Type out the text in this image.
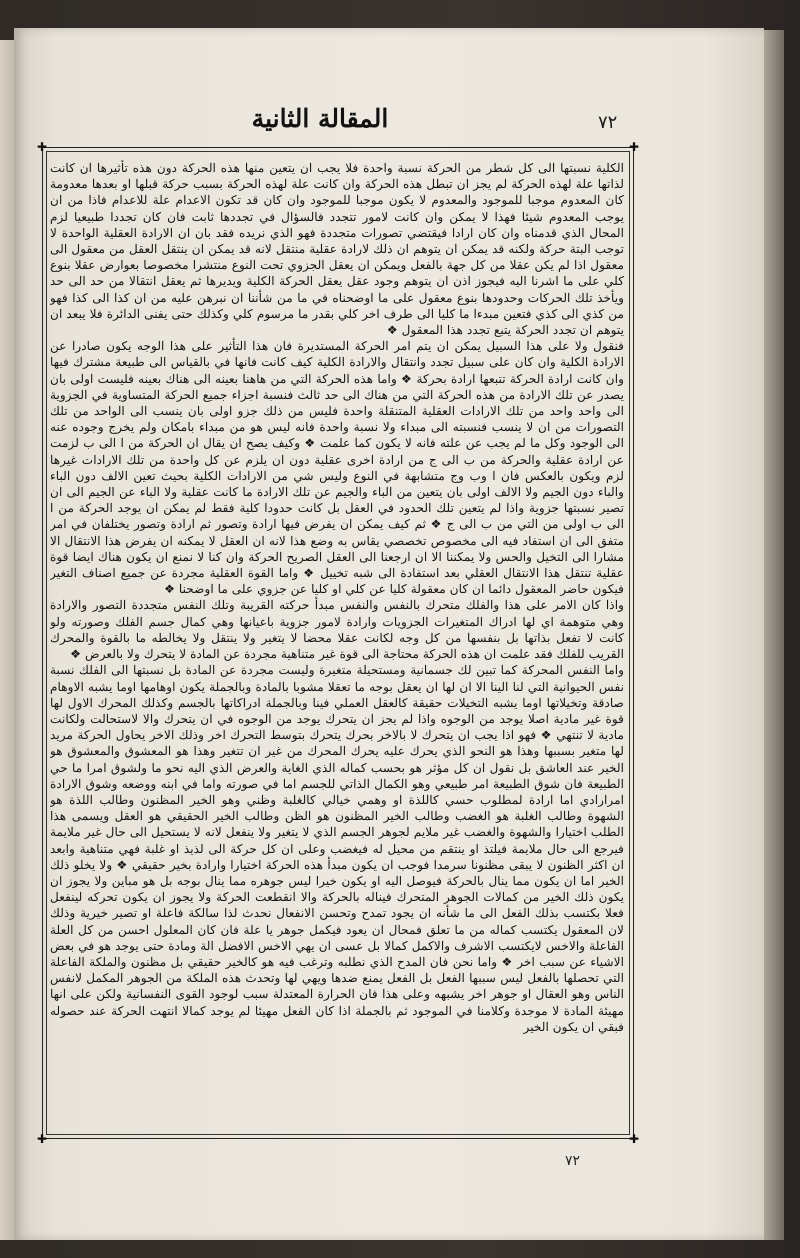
٧٢
المقالة الثانية
✚	✚
✚	✚

الكلية نسبتها الى كل شطر من الحركة نسبة واحدة فلا يجب ان يتعين منها هذه الحركة دون هذه تأثيرها ان كانت لذاتها علة لهذه الحركة لم يجز ان تبطل هذه الحركة وان كانت علة لهذه الحركة بسبب حركة قبلها او بعدها معدومة كان المعدوم موجبا للموجود والمعدوم لا يكون موجبا للموجود وان كان قد تكون الاعدام علة للاعدام فاذا من ان يوجب المعدوم شيئا فهذا لا يمكن وان كانت لامور تتجدد فالسؤال في تجددها ثابت فان كان تجددا طبيعيا لزم المحال الذي قدمناه وان كان ارادا فيقتضي تصورات متجددة فهو الذي نريده فقد بان ان الارادة العقلية الواحدة لا توجب البتة حركة ولكنه قد يمكن ان يتوهم ان ذلك لارادة عقلية منتقل لانه قد يمكن ان ينتقل العقل من معقول الى معقول اذا لم يكن عقلا من كل جهة بالفعل ويمكن ان يعقل الجزوي تحت النوع منتشرا مخصوصا بعوارض عقلا بنوع كلي على ما اشرنا اليه فيجوز اذن ان يتوهم وجود عقل يعقل الحركة الكلية ويديرها ثم يعقل انتقالا من حد الى حد ويأخذ تلك الحركات وحدودها بنوع معقول على ما اوضحناه في ما من شأننا ان نبرهن عليه من ان كذا الى كذا فهو من كذي الى كذي فتعين مبدءا ما كليا الى طرف اخر كلي بقدر ما مرسوم كلي وكذلك حتى يفنى الدائرة فلا يبعد ان يتوهم ان تجدد الحركة يتبع تجدد هذا المعقول ❖

فنقول ولا على هذا السبيل يمكن ان يتم امر الحركة المستديرة فان هذا التأثير على هذا الوجه يكون صادرا عن الارادة الكلية وان كان على سبيل تجدد وانتقال والارادة الكلية كيف كانت فانها في بالقياس الى طبيعة مشترك فيها وان كانت ارادة الحركة تتبعها ارادة بحركة ❖ واما هذه الحركة التي من هاهنا بعينه الى هناك بعينه فليست اولى بان يصدر عن تلك الارادة من هذه الحركة التي من هناك الى حد ثالث فنسبة اجزاء جميع الحركة المتساوية في الجزوية الى واحد واحد من تلك الارادات العقلية المتنقلة واحدة فليس من ذلك جزو اولى بان ينسب الى الواحد من تلك التصورات من ان لا ينسب فنسبته الى مبداء ولا نسبة واحدة فانه ليس هو من مبداء بامكان ولم يخرج وجوده عنه الى الوجود وكل ما لم يجب عن علته فانه لا يكون كما علمت ❖ وكيف يصح ان يقال ان الحركة من ا الى ب لزمت عن ارادة عقلية والحركة من ب الى ج من ارادة اخرى عقلية دون ان يلزم عن كل واحدة من تلك الارادات غيرها لزم ويكون بالعكس فان ا وب وج متشابهة في النوع وليس شي من الارادات الكلية بحيث تعين الالف دون الباء والباء دون الجيم ولا الالف اولى بان يتعين من الباء والجيم عن تلك الارادة ما كانت عقلية ولا الباء عن الجيم الى ان تصير نسبتها جزوية واذا لم يتعين تلك الحدود في العقل بل كانت حدودا كلية فقط لم يمكن ان يوجد الحركة من ا الى ب اولى من التي من ب الى ج ❖ ثم كيف يمكن ان يفرض فيها ارادة وتصور ثم ارادة وتصور يختلفان في امر متفق الى ان استفاد فيه الى مخصوص تخصصي يقاس به وضع هذا لانه ان العقل لا يمكنه ان يفرض هذا الانتقال الا مشارا الى التخيل والحس ولا يمكننا الا ان ارجعنا الى العقل الصريح الحركة وان كنا لا نمنع ان يكون هناك ايضا قوة عقلية تنتقل هذا الانتقال العقلي بعد استفادة الى شبه تخييل ❖ واما القوة العقلية مجردة عن جميع اصناف التغير فيكون حاضر المعقول دائما ان كان معقولة كليا عن كلي او كليا عن جزوي على ما اوضحنا ❖

واذا كان الامر على هذا والفلك متحرك بالنفس والنفس مبدأ حركته القريبة وتلك النفس متجددة التصور والارادة وهي متوهمة اي لها ادراك المتغيرات الجزويات وارادة لامور جزوية باعيانها وهي كمال جسم الفلك وصورته ولو كانت لا تفعل بذاتها بل بنفسها من كل وجه لكانت عقلا محضا لا يتغير ولا ينتقل ولا يخالطه ما بالقوة والمحرك القريب للفلك فقد علمت ان هذه الحركة محتاجة الى قوة غير متناهية مجردة عن المادة لا يتحرك ولا بالعرض ❖

واما النفس المحركة كما تبين لك جسمانية ومستحيلة متغيرة وليست مجردة عن المادة بل نسبتها الى الفلك نسبة نفس الحيوانية التي لنا الينا الا ان لها ان يعقل بوجه ما تعقلا مشوبا بالمادة وبالجملة يكون اوهامها اوما يشبه الاوهام صادقة وتخيلاتها اوما يشبه التخيلات حقيقة كالعقل العملي فينا وبالجملة ادراكاتها بالجسم وكذلك المحرك الاول لها قوة غير مادية اصلا يوجد من الوجوه واذا لم يجز ان يتحرك يوجد من الوجوه في ان يتحرك والا لاستحالت ولكانت مادية لا تنتهي ❖ فهو اذا يجب ان يتحرك لا بالاخر بحرك يتحرك بتوسط التحرك اخر وذلك الاخر يحاول الحركة مريد لها متغير بسببها وهذا هو النحو الذي يحرك عليه يحرك المحرك من غير ان تتغير وهذا هو المعشوق والمعشوق هو الخير عند العاشق بل نقول ان كل مؤثر هو بحسب كماله الذي الغاية والعرض الذي اليه نحو ما ولشوق امرا ما حي الطبيعة فان شوق الطبيعة امر طبيعي وهو الكمال الذاتي للجسم اما في صورته واما في ابنه ووضعه وشوق الارادة امرارادي اما ارادة لمطلوب حسي كاللذة او وهمي خيالي كالغلبة وظني وهو الخير المظنون وطالب اللذة هو الشهوة وطالب الغلبة هو الغضب وطالب الخير المظنون هو الظن وطالب الخير الحقيقي هو العقل ويسمى هذا الطلب اختيارا والشهوة والغضب غير ملايم لجوهر الجسم الذي لا يتغير ولا ينفعل لانه لا يستحيل الى حال غير ملايمة فيرجع الى حال ملايمة فيلتذ او ينتقم من محيل له فيغضب وعلى ان كل حركة الى لذيذ او غلبة فهي متناهية وابعد ان اكثر الظنون لا يبقى مظنونا سرمدا فوجب ان يكون مبدأ هذه الحركة اختيارا وارادة بخير حقيقي ❖ ولا يخلو ذلك الخير اما ان يكون مما ينال بالحركة فيوصل اليه او يكون خيرا ليس جوهره مما ينال بوجه بل هو مباين ولا يجوز ان يكون ذلك الخير من كمالات الجوهر المتحرك فيناله بالحركة والا انقطعت الحركة ولا يجوز ان يكون تحركه لينفعل فعلا بكتسب بذلك الفعل الى ما شأنه ان يجود تمدح وتحسن الانفعال نحدث لذا سالكة فاعلة او تصير خيرية وذلك لان المعقول يكتسب كماله من ما تعلق فمحال ان يعود فيكمل جوهر يا علة فان كان المعلول احسن من كل العلة الفاعلة والاخس لايكتسب الاشرف والاكمل كمالا بل عسى ان يهي الاخس الافضل الة ومادة حتى يوجد هو في بعض الاشياء عن سبب اخر ❖ واما نحن فان المدح الذي نطلبه وترغب فيه هو كالخير حقيقي بل مظنون والملكة الفاعلة التي تحصلها بالفعل ليس سببها الفعل بل الفعل يمنع ضدها ويهي لها وتحدث هذه الملكة من الجوهر المكمل لانفس الناس وهو العقال او جوهر اخر يشبهه وعلى هذا فان الحرارة المعتدلة سبب لوجود القوى النفسانية ولكن على انها مهيئة المادة لا موجدة وكلامنا في الموجود ثم بالجملة اذا كان الفعل مهيئا لم يوجد كمالا انتهت الحركة عند حصوله فبقي ان يكون الخير

٧٢
